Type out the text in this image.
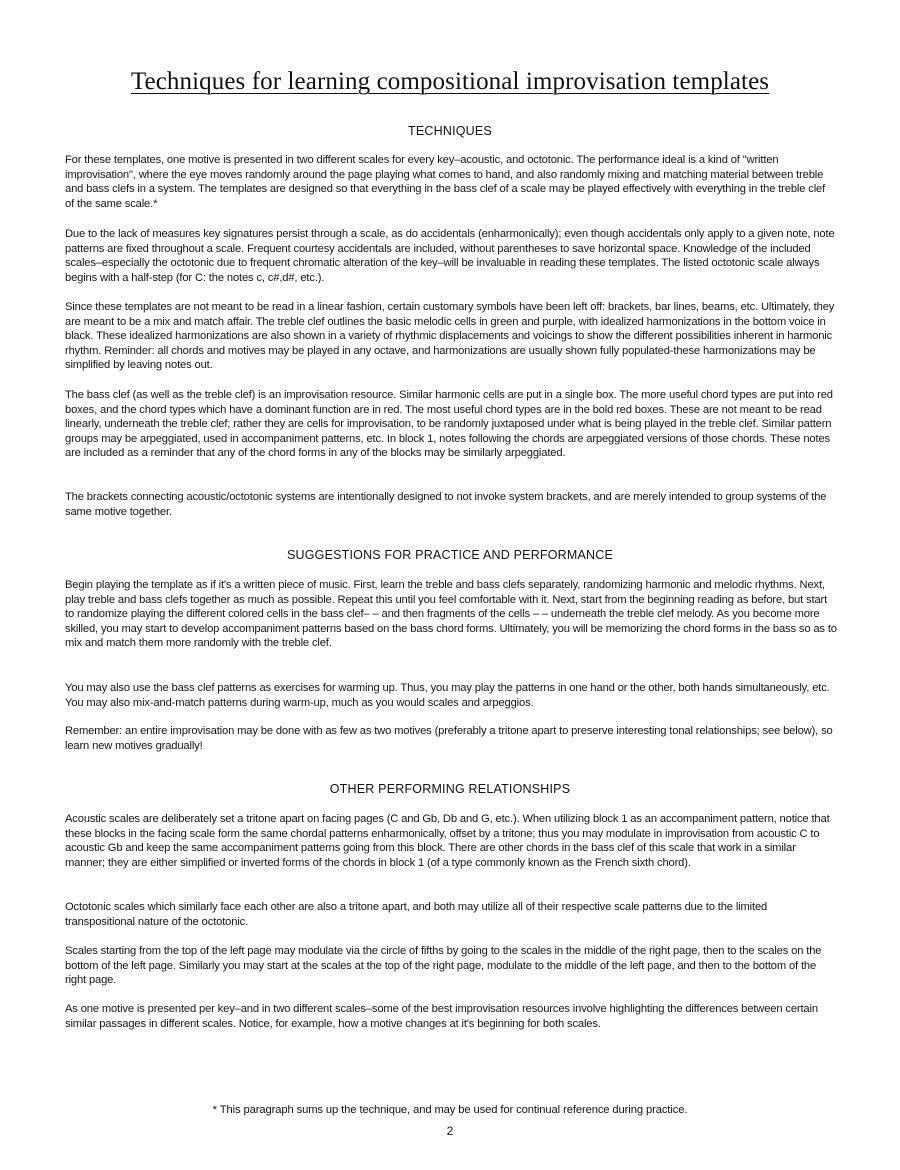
Techniques for learning compositional improvisation templates
TECHNIQUES

For these templates, one motive is presented in two different scales for every key–acoustic, and octotonic. The performance ideal is a kind of "written improvisation", where the eye moves randomly around the page playing what comes to hand, and also randomly mixing and matching material between treble and bass clefs in a system. The templates are designed so that everything in the bass clef of a scale may be played effectively with everything in the treble clef of the same scale.*

Due to the lack of measures key signatures persist through a scale, as do accidentals (enharmonically); even though accidentals only apply to a given note, note patterns are fixed throughout a scale. Frequent courtesy accidentals are included, without parentheses to save horizontal space. Knowledge of the included scales–especially the octotonic due to frequent chromatic alteration of the key–will be invaluable in reading these templates. The listed octotonic scale always begins with a half-step (for C: the notes c, c#,d#, etc.).

Since these templates are not meant to be read in a linear fashion, certain customary symbols have been left off: brackets, bar lines, beams, etc. Ultimately, they are meant to be a mix and match affair. The treble clef outlines the basic melodic cells in green and purple, with idealized harmonizations in the bottom voice in black. These idealized harmonizations are also shown in a variety of rhythmic displacements and voicings to show the different possibilities inherent in harmonic rhythm. Reminder: all chords and motives may be played in any octave, and harmonizations are usually shown fully populated-these harmonizations may be simplified by leaving notes out.

The bass clef (as well as the treble clef) is an improvisation resource. Similar harmonic cells are put in a single box. The more useful chord types are put into red boxes, and the chord types which have a dominant function are in red. The most useful chord types are in the bold red boxes. These are not meant to be read linearly, underneath the treble clef; rather they are cells for improvisation, to be randomly juxtaposed under what is being played in the treble clef. Similar pattern groups may be arpeggiated, used in accompaniment patterns, etc. In block 1, notes following the chords are arpeggiated versions of those chords. These notes are included as a reminder that any of the chord forms in any of the blocks may be similarly arpeggiated.

The brackets connecting acoustic/octotonic systems are intentionally designed to not invoke system brackets, and are merely intended to group systems of the same motive together.

SUGGESTIONS FOR PRACTICE AND PERFORMANCE

Begin playing the template as if it's a written piece of music. First, learn the treble and bass clefs separately, randomizing harmonic and melodic rhythms. Next, play treble and bass clefs together as much as possible. Repeat this until you feel comfortable with it. Next, start from the beginning reading as before, but start to randomize playing the different colored cells in the bass clef– – and then fragments of the cells – – underneath the treble clef melody. As you become more skilled, you may start to develop accompaniment patterns based on the bass chord forms. Ultimately, you will be memorizing the chord forms in the bass so as to mix and match them more randomly with the treble clef.

You may also use the bass clef patterns as exercises for warming up. Thus, you may play the patterns in one hand or the other, both hands simultaneously, etc. You may also mix-and-match patterns during warm-up, much as you would scales and arpeggios.

Remember: an entire improvisation may be done with as few as two motives (preferably a tritone apart to preserve interesting tonal relationships; see below), so learn new motives gradually!

OTHER PERFORMING RELATIONSHIPS

Acoustic scales are deliberately set a tritone apart on facing pages (C and Gb, Db and G, etc.). When utilizing block 1 as an accompaniment pattern, notice that these blocks in the facing scale form the same chordal patterns enharmonically, offset by a tritone; thus you may modulate in improvisation from acoustic C to acoustic Gb and keep the same accompaniment patterns going from this block. There are other chords in the bass clef of this scale that work in a similar manner; they are either simplified or inverted forms of the chords in block 1 (of a type commonly known as the French sixth chord).

Octotonic scales which similarly face each other are also a tritone apart, and both may utilize all of their respective scale patterns due to the limited transpositional nature of the octotonic.

Scales starting from the top of the left page may modulate via the circle of fifths by going to the scales in the middle of the right page, then to the scales on the bottom of the left page. Similarly you may start at the scales at the top of the right page, modulate to the middle of the left page, and then to the bottom of the right page.

As one motive is presented per key–and in two different scales–some of the best improvisation resources involve highlighting the differences between certain similar passages in different scales. Notice, for example, how a motive changes at it's beginning for both scales.

* This paragraph sums up the technique, and may be used for continual reference during practice.
2
